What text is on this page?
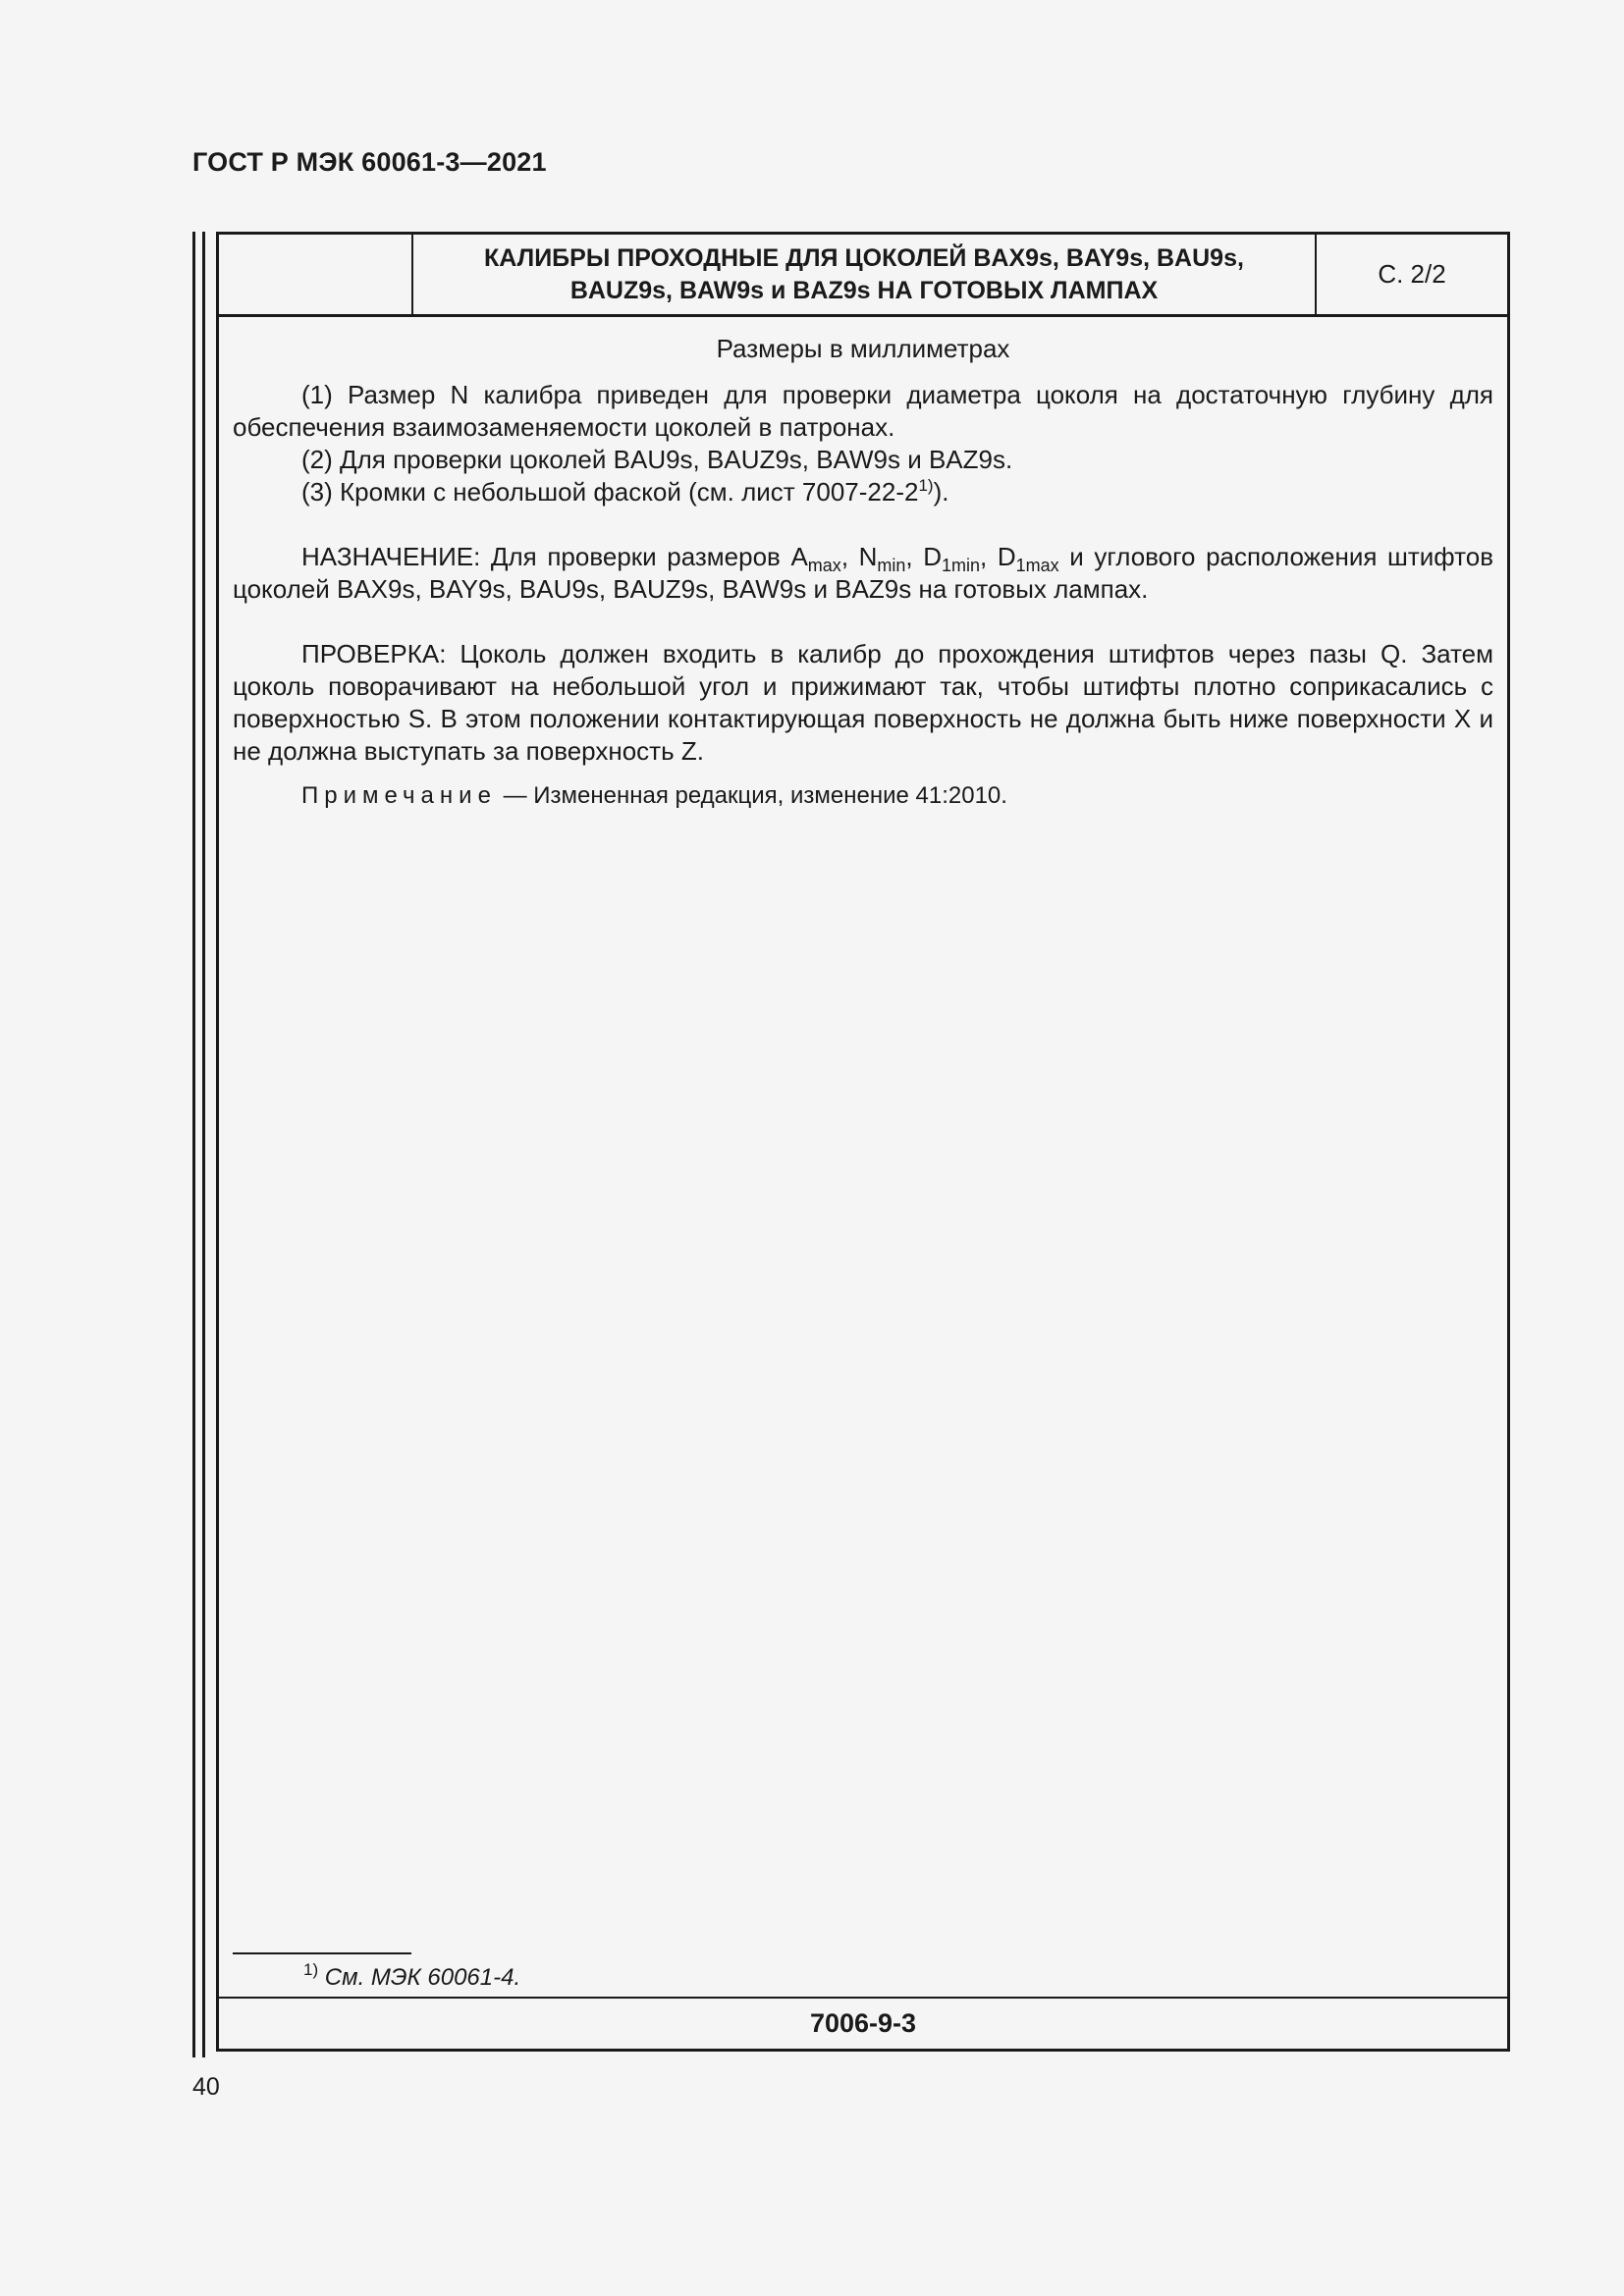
ГОСТ Р МЭК 60061-3—2021
КАЛИБРЫ ПРОХОДНЫЕ ДЛЯ ЦОКОЛЕЙ BAX9s, BAY9s, BAU9s,
BAUZ9s, BAW9s и BAZ9s НА ГОТОВЫХ ЛАМПАХ
С. 2/2
Размеры в миллиметрах

(1) Размер N калибра приведен для проверки диаметра цоколя на достаточную глубину для обеспечения взаимозаменяемости цоколей в патронах.

(2) Для проверки цоколей BAU9s, BAUZ9s, BAW9s и BAZ9s.

(3) Кромки с небольшой фаской (см. лист 7007-22-2$^{1)}$).

НАЗНАЧЕНИЕ: Для проверки размеров $A_{max}$, $N_{min}$, $D_{1min}$, $D_{1max}$ и углового расположения штифтов цоколей BAX9s, BAY9s, BAU9s, BAUZ9s, BAW9s и BAZ9s на готовых лампах.

ПРОВЕРКА: Цоколь должен входить в калибр до прохождения штифтов через пазы Q. Затем цоколь поворачивают на небольшой угол и прижимают так, чтобы штифты плотно соприкасались с поверхностью S. В этом положении контактирующая поверхность не должна быть ниже поверхности X и не должна выступать за поверхность Z.

Примечание — Измененная редакция, изменение 41:2010.
$^{1)}$ См. МЭК 60061-4.
7006-9-3
40
